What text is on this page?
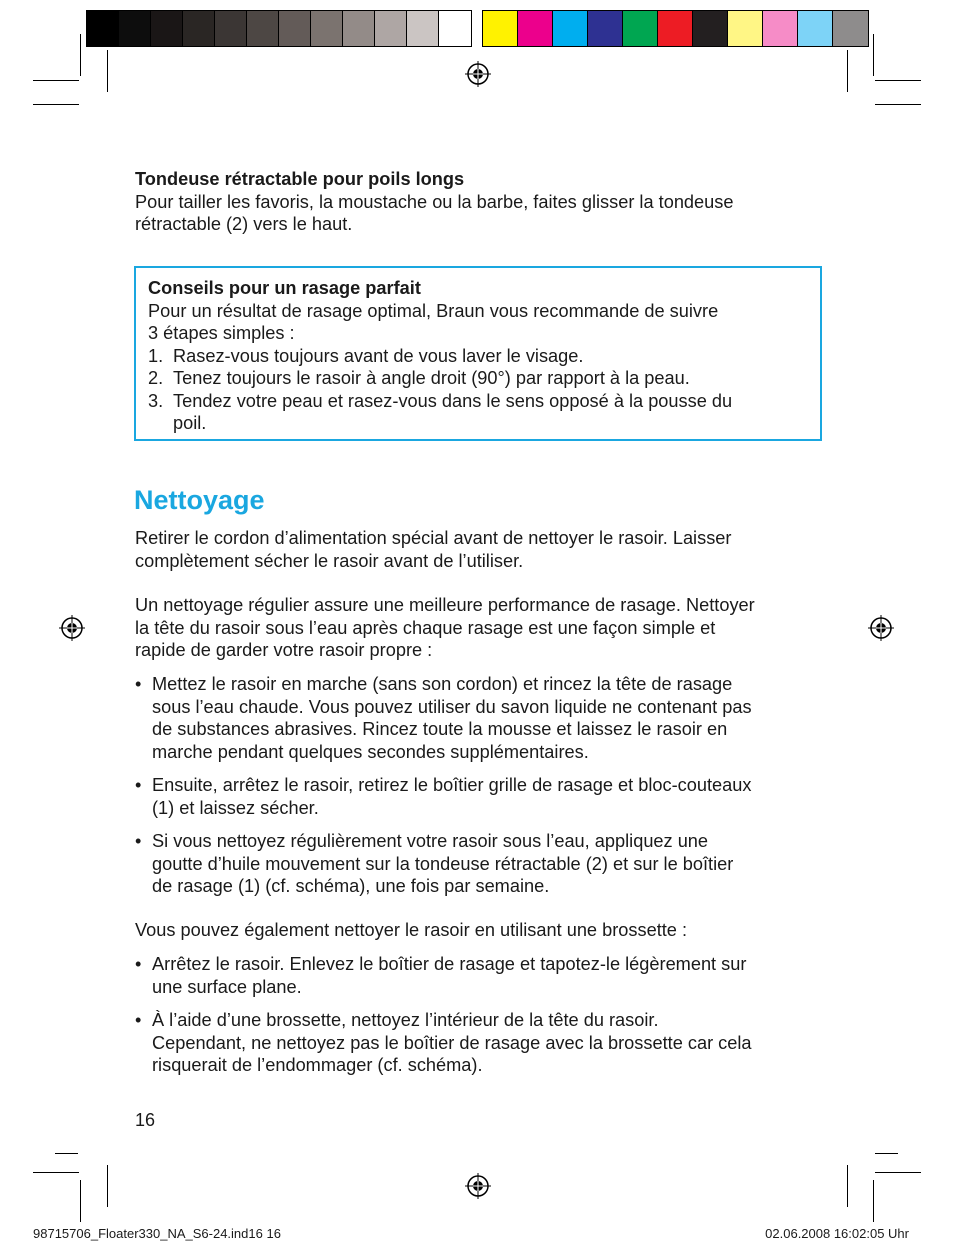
Tondeuse rétractable pour poils longs

Pour tailler les favoris, la moustache ou la barbe, faites glisser la tondeuse

rétractable (2) vers le haut.

Conseils pour un rasage parfait

Pour un résultat de rasage optimal, Braun vous recommande de suivre

3 étapes simples :

1. Rasez-vous toujours avant de vous laver le visage.
2. Tenez toujours le rasoir à angle droit (90°) par rapport à la peau.
3. Tendez votre peau et rasez-vous dans le sens opposé à la pousse du
poil.
Nettoyage

Retirer le cordon d’alimentation spécial avant de nettoyer le rasoir. Laisser

complètement sécher le rasoir avant de l’utiliser.

Un nettoyage régulier assure une meilleure performance de rasage. Nettoyer

la tête du rasoir sous l’eau après chaque rasage est une façon simple et

rapide de garder votre rasoir propre :

• Mettez le rasoir en marche (sans son cordon) et rincez la tête de rasage
sous l’eau chaude. Vous pouvez utiliser du savon liquide ne contenant pas
de substances abrasives. Rincez toute la mousse et laissez le rasoir en
marche pendant quelques secondes supplémentaires.
• Ensuite, arrêtez le rasoir, retirez le boîtier grille de rasage et bloc-couteaux
(1) et laissez sécher.
• Si vous nettoyez régulièrement votre rasoir sous l’eau, appliquez une
goutte d’huile mouvement sur la tondeuse rétractable (2) et sur le boîtier
de rasage (1) (cf. schéma), une fois par semaine.

Vous pouvez également nettoyer le rasoir en utilisant une brossette :

• Arrêtez le rasoir. Enlevez le boîtier de rasage et tapotez-le légèrement sur
une surface plane.
• À l’aide d’une brossette, nettoyez l’intérieur de la tête du rasoir.
Cependant, ne nettoyez pas le boîtier de rasage avec la brossette car cela
risquerait de l’endommager (cf. schéma).
16
98715706_Floater330_NA_S6-24.ind16 16	02.06.2008 16:02:05 Uhr
